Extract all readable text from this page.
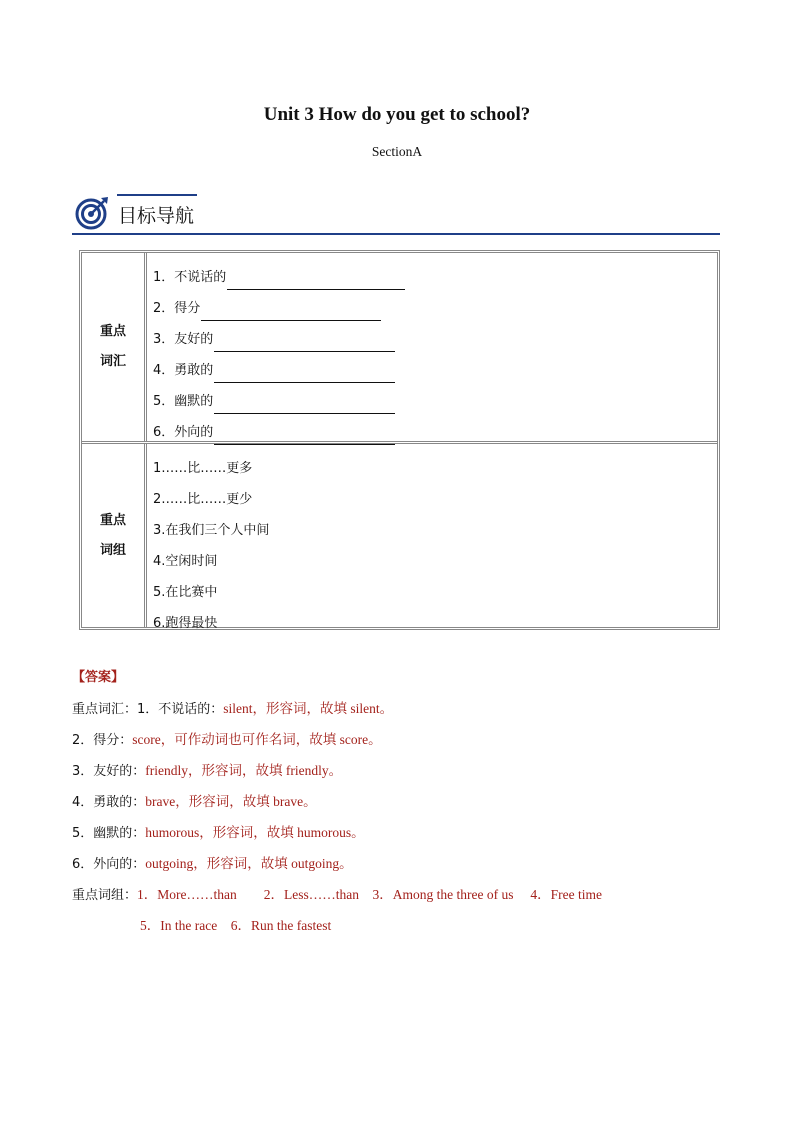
Unit 3 How do you get to school?
SectionA
目标导航
重点
词汇
1．不说话的
2．得分
3．友好的
4．勇敢的
5．幽默的
6．外向的
重点
词组
1……比……更多
2……比……更少
3.在我们三个人中间
4.空闲时间
5.在比赛中
6.跑得最快
【答案】
重点词汇：1．不说话的：silent，形容词，故填 silent。
2．得分：score，可作动词也可作名词，故填 score。
3．友好的：friendly，形容词，故填 friendly。
4．勇敢的：brave，形容词，故填 brave。
5．幽默的：humorous，形容词，故填 humorous。
6．外向的：outgoing，形容词，故填 outgoing。
重点词组：1．More……than　　2．Less……than　3．Among the three of us　 4．Free time
5．In the race　6．Run the fastest
